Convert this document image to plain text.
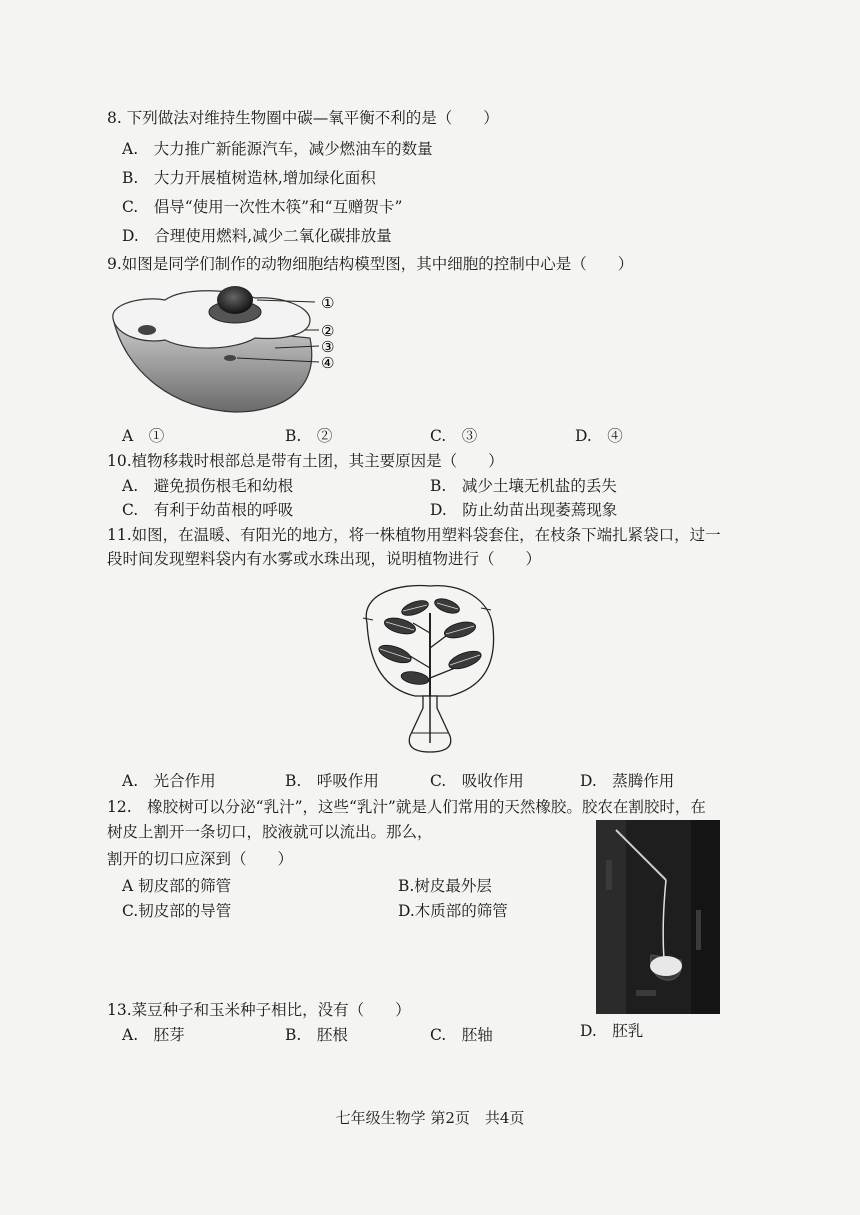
8. 下列做法对维持生物圈中碳—氧平衡不利的是（　　）
A.　大力推广新能源汽车，减少燃油车的数量
B.　大力开展植树造林,增加绿化面积
C.　倡导“使用一次性木筷”和“互赠贺卡”
D.　合理使用燃料,减少二氧化碳排放量
9.如图是同学们制作的动物细胞结构模型图，其中细胞的控制中心是（　　）
①
②
③
④
A　①	B.　②	C.　③	D.　④
10.植物移栽时根部总是带有土团，其主要原因是（　　）
A.　避免损伤根毛和幼根	B.　减少土壤无机盐的丢失
C.　有利于幼苗根的呼吸	D.　防止幼苗出现萎蔫现象
11.如图，在温暖、有阳光的地方，将一株植物用塑料袋套住，在枝条下端扎紧袋口，过一
段时间发现塑料袋内有水雾或水珠出现，说明植物进行（　　）
A.　光合作用	B.　呼吸作用	C.　吸收作用	D.　蒸腾作用
12.　橡胶树可以分泌“乳汁”，这些“乳汁”就是人们常用的天然橡胶。胶农在割胶时，在
树皮上割开一条切口，胶液就可以流出。那么，
割开的切口应深到（　　）
A 韧皮部的筛管	B.树皮最外层
C.韧皮部的导管	D.木质部的筛管
13.菜豆种子和玉米种子相比，没有（　　）
A.　胚芽	B.　胚根	C.　胚轴	D.　胚乳
七年级生物学 第2页　共4页
